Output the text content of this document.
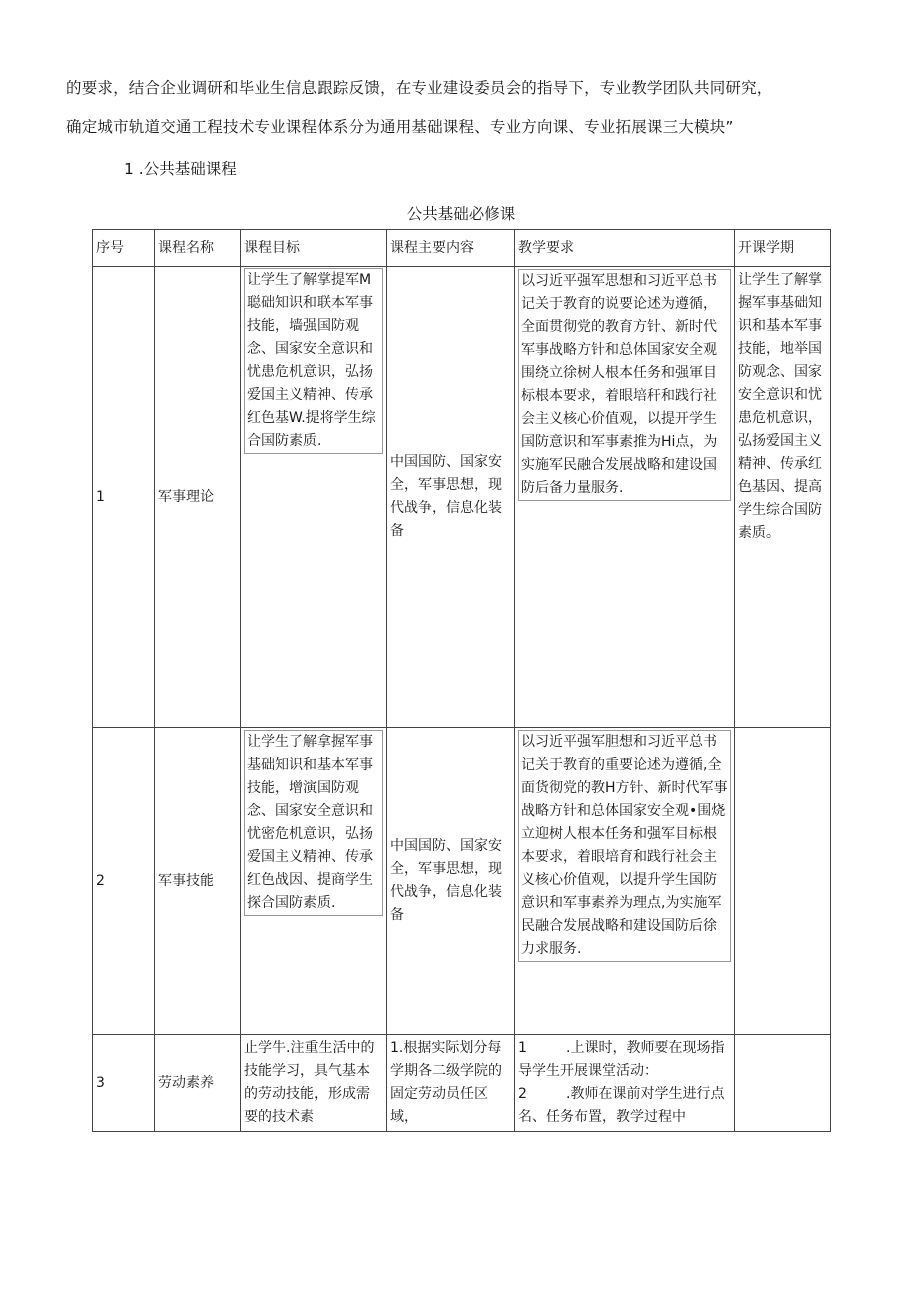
的要求，结合企业调研和毕业生信息跟踪反馈，在专业建设委员会的指导下，专业教学团队共同研究，
确定城市轨道交通工程技术专业课程体系分为通用基础课程、专业方向课、专业拓展课三大模块”
1 .公共基础课程
公共基础必修课
序号	课程名称	课程目标	课程主要内容	教学要求	开课学期
1	军事理论	让学生了解掌提军M聪础知识和联本军事技能，墙强国防观念、国家安全意识和忧患危机意识，弘扬爱国主义精神、传承红色基W.提将学生综合国防素质.	中国国防、国家安全，军事思想，现代战争，信息化装备	以习近平强军思想和习近平总书记关于教育的说要论述为遵循，全面贯彻党的教育方针、新时代军事战略方针和总体国家安全观围绕立徐树人根本任务和强軍目标根本要求，着眼培秆和践行社会主义核心价值观，以提开学生国防意识和军事素推为Hi点，为实施军民融合发展战略和建设国防后备力量服务.	让学生了解掌握军事基础知识和基本军事技能，地举国防观念、国家安全意识和忧患危机意识，弘扬爱国主义精神、传承红色基因、提高学生综合国防素质。
2	军事技能	让学生了解拿握军事基础知识和基本军事技能，增演国防观念、国家安全意识和忧密危机意识，弘扬爱国主义精神、传承红色战因、提商学生探合国防素质.	中国国防、国家安全，军事思想，现代战争，信息化装备	以习近平强军胆想和习近平总书记关于教育的重要论述为遵循,全面货彻党的教H方针、新时代军事战略方针和总体国家安全观•围烧立迎树人根本任务和强军目标根本要求，着眼培育和践行社会主义核心价值观，以提升学生国防意识和军事素养为理点,为实施军民融合发展战略和建设国防后徐力求服务.	

3	劳动素养	止学牛.注重生活中的技能学习，具气基本的劳动技能，形成需要的技术素	1.根据实际划分每学期各二级学院的固定劳动员任区域，	1 .上课时，教师要在现场指导学生开展课堂活动：
2 .教师在课前对学生进行点名、任务布置，教学过程中	
